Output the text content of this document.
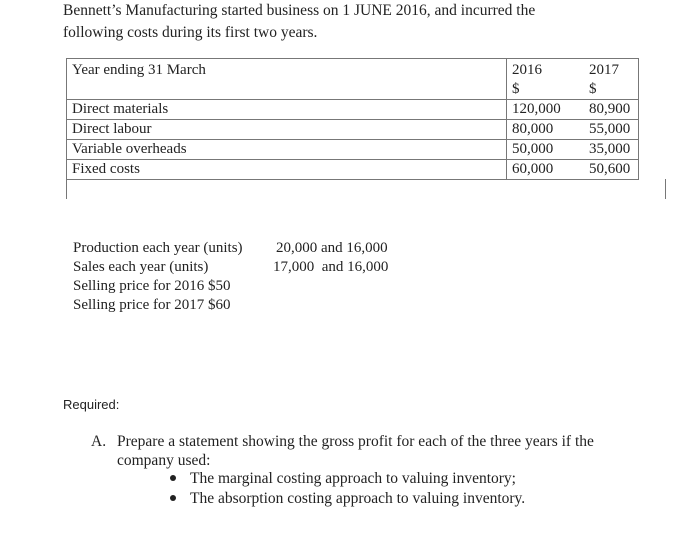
Bennett’s Manufacturing started business on 1 JUNE 2016, and incurred the
following costs during its first two years.
Year ending 31 March	2016	2017
$	$
Direct materials	120,000 80,900
Direct labour	80,000 55,000
Variable overheads	50,000 35,000
Fixed costs	60,000 50,600
Production each year (units) 20,000 and 16,000
Sales each year (units)	17,000  and 16,000
Selling price for 2016 $50
Selling price for 2017 $60
Required:
A. Prepare a statement showing the gross profit for each of the three years if the
company used:
The marginal costing approach to valuing inventory;
The absorption costing approach to valuing inventory.
